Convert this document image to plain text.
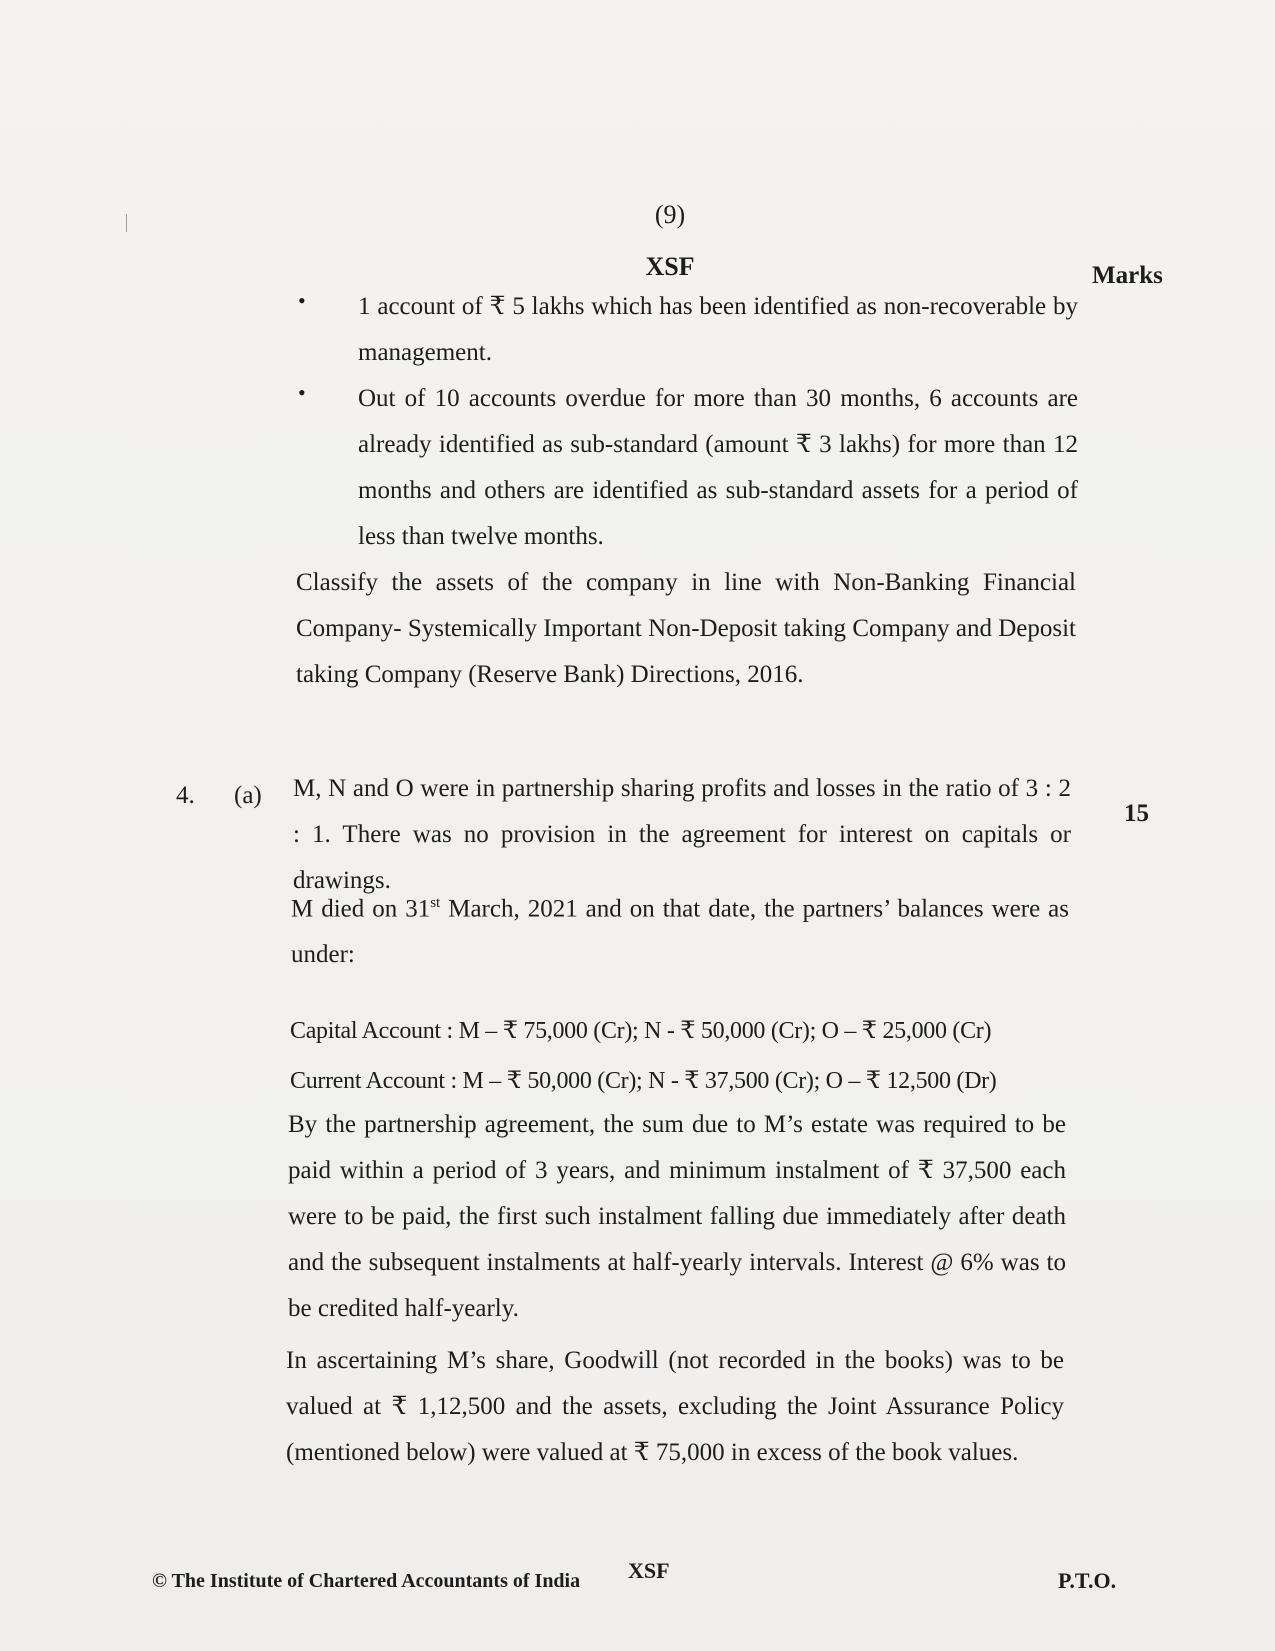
(9)
XSF	Marks
• 1 account of ₹ 5 lakhs which has been identified as non-recoverable by management.
• Out of 10 accounts overdue for more than 30 months, 6 accounts are already identified as sub-standard (amount ₹ 3 lakhs) for more than 12 months and others are identified as sub-standard assets for a period of less than twelve months.
Classify the assets of the company in line with Non-Banking Financial Company- Systemically Important Non-Deposit taking Company and Deposit taking Company (Reserve Bank) Directions, 2016.
4. (a)
15
M, N and O were in partnership sharing profits and losses in the ratio of 3 : 2 : 1. There was no provision in the agreement for interest on capitals or drawings.
M died on 31st March, 2021 and on that date, the partners’ balances were as under:
Capital Account : M – ₹ 75,000 (Cr); N - ₹ 50,000 (Cr); O – ₹ 25,000 (Cr)
Current Account : M – ₹ 50,000 (Cr); N - ₹ 37,500 (Cr); O – ₹ 12,500 (Dr)
By the partnership agreement, the sum due to M’s estate was required to be paid within a period of 3 years, and minimum instalment of ₹ 37,500 each were to be paid, the first such instalment falling due immediately after death and the subsequent instalments at half-yearly intervals. Interest @ 6% was to be credited half-yearly.
In ascertaining M’s share, Goodwill (not recorded in the books) was to be valued at ₹ 1,12,500 and the assets, excluding the Joint Assurance Policy (mentioned below) were valued at ₹ 75,000 in excess of the book values.
© The Institute of Chartered Accountants of India XSF	P.T.O.
